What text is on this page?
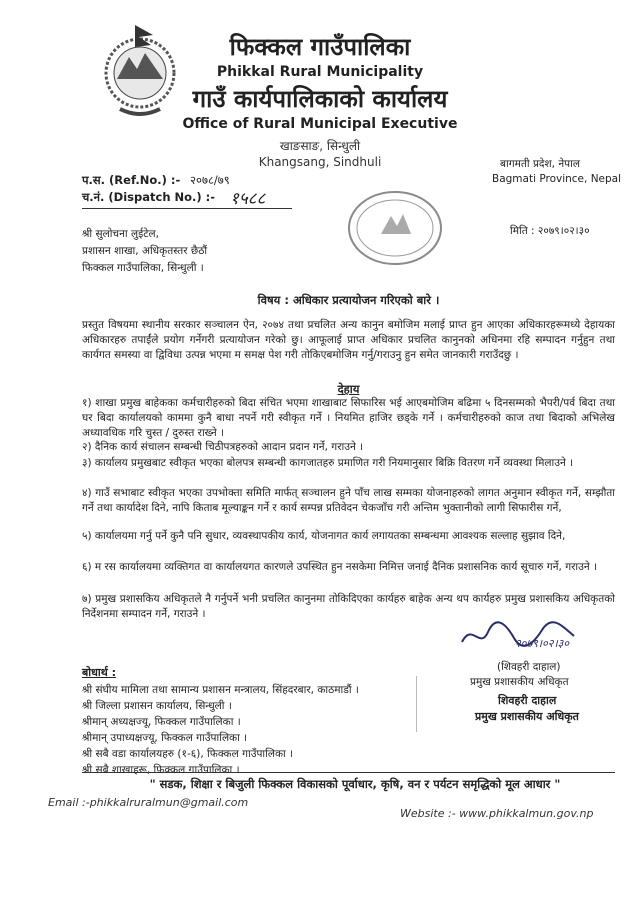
फिक्कल गाउँपालिका
Phikkal Rural Municipality
गाउँ कार्यपालिकाको कार्यालय
Office of Rural Municipal Executive
खाङसाङ, सिन्धुली
Khangsang, Sindhuli	बागमती प्रदेश, नेपाल
Bagmati Province, Nepal
प.स. (Ref.No.) :- २०७८/७९
च.नं. (Dispatch No.) :- १५८८
श्री सुलोचना लुईटेल,
प्रशासन शाखा, अधिकृतस्तर छैठौं
फिक्कल गाउँपालिका, सिन्धुली ।
मिति : २०७९।०२।३०
विषय : अधिकार प्रत्यायोजन गरिएको बारे ।
प्रस्तुत विषयमा स्थानीय सरकार सञ्चालन ऐन, २०७४ तथा प्रचलित अन्य कानुन बमोजिम मलाई प्राप्त हुन आएका अधिकारहरूमध्ये देहायका अधिकारहरु तपाईंले प्रयोग गर्नेगरी प्रत्यायोजन गरेको छु। आफूलाई प्राप्त अधिकार प्रचलित कानुनको अधिनमा रहि सम्पादन गर्नुहुन तथा कार्यगत समस्या वा द्विविधा उत्पन्न भएमा म समक्ष पेश गरी तोकिएबमोजिम गर्नु/गराउनु हुन समेत जानकारी गराउँदछु ।
देहाय
१) शाखा प्रमुख बाहेकका कर्मचारीहरुको बिदा संचित भएमा शाखाबाट सिफारिस भई आएबमोजिम बढिमा ५ दिनसम्मको भैपरी/पर्व बिदा तथा घर बिदा कार्यालयको काममा कुनै बाधा नपर्ने गरी स्वीकृत गर्ने । नियमित हाजिर छड्के गर्ने । कर्मचारीहरुको काज तथा बिदाको अभिलेख अध्यावधिक गरि चुस्त / दुरुस्त राख्ने ।
२) दैनिक कार्य संचालन सम्बन्धी चिठीपत्रहरुको आदान प्रदान गर्ने, गराउने ।
३) कार्यालय प्रमुखबाट स्वीकृत भएका बोलपत्र सम्बन्धी कागजातहरु प्रमाणित गरी नियमानुसार बिक्रि वितरण गर्ने व्यवस्था मिलाउने ।
४) गाउँ सभाबाट स्वीकृत भएका उपभोक्ता समिति मार्फत् सञ्चालन हुने पाँच लाख सम्मका योजनाहरुको लागत अनुमान स्वीकृत गर्ने, सम्झौता गर्ने तथा कार्यादेश दिने, नापि किताब मूल्याङ्कन गर्ने र कार्य सम्पन्न प्रतिवेदन चेकजाँच गरी अन्तिम भुक्तानीको लागी सिफारीस गर्ने,
५) कार्यालयमा गर्नु पर्ने कुनै पनि सुधार, व्यवस्थापकीय कार्य, योजनागत कार्य लगायतका सम्बन्धमा आवश्यक सल्लाह सुझाव दिने,
६) म रस कार्यालयमा व्यक्तिगत वा कार्यालयगत कारणले उपस्थित हुन नसकेमा निमित्त जनाई दैनिक प्रशासनिक कार्य सूचारु गर्ने, गराउने ।
७) प्रमुख प्रशासकिय अधिकृतले नै गर्नुपर्ने भनी प्रचलित कानुनमा तोकिदिएका कार्यहरु बाहेक अन्य थप कार्यहरु प्रमुख प्रशासकिय अधिकृतको निर्देशनमा सम्पादन गर्ने, गराउने ।
२०७९।०२।३०
(शिवहरी दाहाल)
प्रमुख प्रशासकीय अधिकृत
शिवहरी दाहाल
प्रमुख प्रशासकीय अधिकृत
बोधार्थ :
श्री संघीय मामिला तथा सामान्य प्रशासन मन्त्रालय, सिंहदरबार, काठमाडौं ।
श्री जिल्ला प्रशासन कार्यालय, सिन्धुली ।
श्रीमान् अध्यक्षज्यू, फिक्कल गाउँपालिका ।
श्रीमान् उपाध्यक्षज्यू, फिक्कल गाउँपालिका ।
श्री सबै वडा कार्यालयहरु (१-६), फिक्कल गाउँपालिका ।
श्री सबै शाखाहरू, फिक्कल गाउँपालिका ।
" सडक, शिक्षा र बिजुली फिक्कल विकासको पूर्वाधार, कृषि, वन र पर्यटन समृद्धिको मूल आधार "
Email :-phikkalruralmun@gmail.com
Website :- www.phikkalmun.gov.np
